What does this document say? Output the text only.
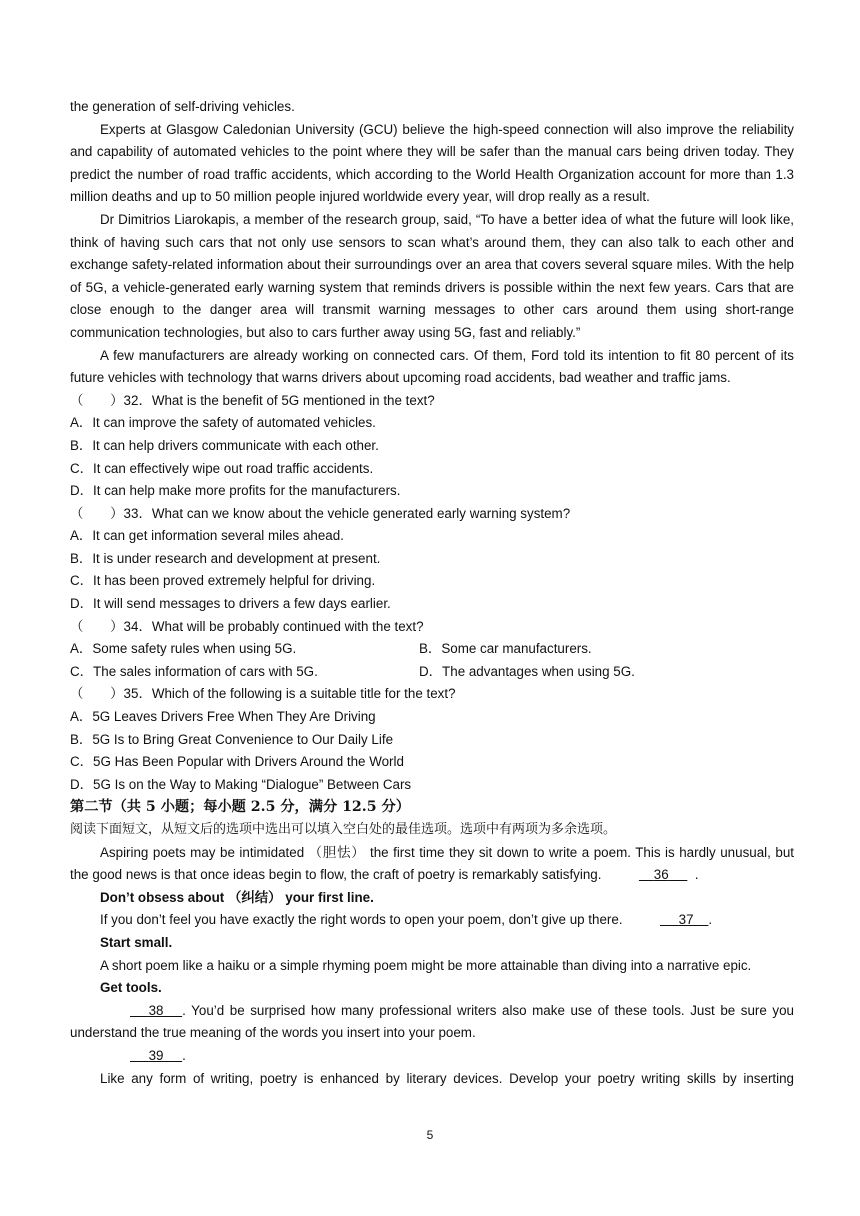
the generation of self-driving vehicles.

Experts at Glasgow Caledonian University (GCU) believe the high-speed connection will also improve the reliability and capability of automated vehicles to the point where they will be safer than the manual cars being driven today. They predict the number of road traffic accidents, which according to the World Health Organization account for more than 1.3 million deaths and up to 50 million people injured worldwide every year, will drop really as a result.

Dr Dimitrios Liarokapis, a member of the research group, said, “To have a better idea of what the future will look like, think of having such cars that not only use sensors to scan what’s around them, they can also talk to each other and exchange safety-related information about their surroundings over an area that covers several square miles. With the help of 5G, a vehicle-generated early warning system that reminds drivers is possible within the next few years. Cars that are close enough to the danger area will transmit warning messages to other cars around them using short-range communication technologies, but also to cars further away using 5G, fast and reliably.”

A few manufacturers are already working on connected cars. Of them, Ford told its intention to fit 80 percent of its future vehicles with technology that warns drivers about upcoming road accidents, bad weather and traffic jams.

（　　）32．What is the benefit of 5G mentioned in the text?

A．It can improve the safety of automated vehicles.

B．It can help drivers communicate with each other.

C．It can effectively wipe out road traffic accidents.

D．It can help make more profits for the manufacturers.

（　　）33．What can we know about the vehicle generated early warning system?

A．It can get information several miles ahead.

B．It is under research and development at present.

C．It has been proved extremely helpful for driving.

D．It will send messages to drivers a few days earlier.

（　　）34．What will be probably continued with the text?

A．Some safety rules when using 5G.	B．Some car manufacturers.
C．The sales information of cars with 5G.	D．The advantages when using 5G.

（　　）35．Which of the following is a suitable title for the text?

A．5G Leaves Drivers Free When They Are Driving

B．5G Is to Bring Great Convenience to Our Daily Life

C．5G Has Been Popular with Drivers Around the World

D．5G Is on the Way to Making “Dialogue” Between Cars

第二节（共 5 小题；每小题 2.5 分，满分 12.5 分）

阅读下面短文，从短文后的选项中选出可以填入空白处的最佳选项。选项中有两项为多余选项。

Aspiring poets may be intimidated （胆怯） the first time they sit down to write a poem. This is hardly unusual, but the good news is that once ideas begin to flow, the craft of poetry is remarkably satisfying.	36       .

Don’t obsess about （纠结） your first line.

If you don’t feel you have exactly the right words to open your poem, don’t give up there.	37 .

Start small.

A short poem like a haiku or a simple rhyming poem might be more attainable than diving into a narrative epic.

Get tools.

38 . You’d be surprised how many professional writers also make use of these tools. Just be sure you understand the true meaning of the words you insert into your poem.

39 .

Like any form of writing, poetry is enhanced by literary devices. Develop your poetry writing skills by inserting

5
